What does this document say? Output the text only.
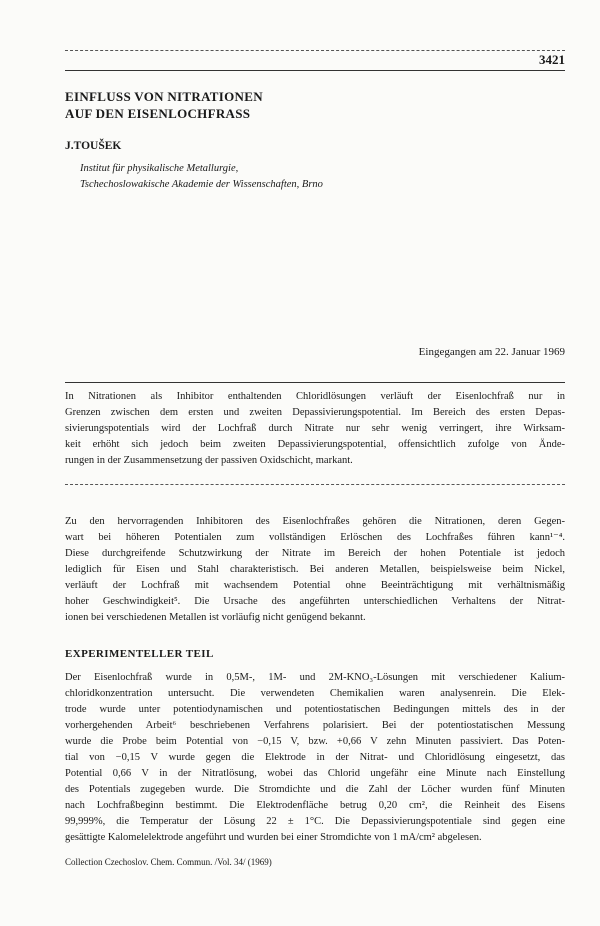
3421
EINFLUSS VON NITRATIONEN
AUF DEN EISENLOCHFRASS
J.TOUŠEK
Institut für physikalische Metallurgie,
Tschechoslowakische Akademie der Wissenschaften, Brno
Eingegangen am 22. Januar 1969
In Nitrationen als Inhibitor enthaltenden Chloridlösungen verläuft der Eisenlochfraß nur in
Grenzen zwischen dem ersten und zweiten Depassivierungspotential. Im Bereich des ersten Depas-
sivierungspotentials wird der Lochfraß durch Nitrate nur sehr wenig verringert, ihre Wirksam-
keit erhöht sich jedoch beim zweiten Depassivierungspotential, offensichtlich zufolge von Ände-
rungen in der Zusammensetzung der passiven Oxidschicht, markant.
Zu den hervorragenden Inhibitoren des Eisenlochfraßes gehören die Nitrationen, deren Gegen-
wart bei höheren Potentialen zum vollständigen Erlöschen des Lochfraßes führen kann¹⁻⁴.
Diese durchgreifende Schutzwirkung der Nitrate im Bereich der hohen Potentiale ist jedoch
lediglich für Eisen und Stahl charakteristisch. Bei anderen Metallen, beispielsweise beim Nickel,
verläuft der Lochfraß mit wachsendem Potential ohne Beeinträchtigung mit verhältnismäßig
hoher Geschwindigkeit⁵. Die Ursache des angeführten unterschiedlichen Verhaltens der Nitrat-
ionen bei verschiedenen Metallen ist vorläufig nicht genügend bekannt.
EXPERIMENTELLER TEIL
Der Eisenlochfraß wurde in 0,5M-, 1M- und 2M-KNO₃-Lösungen mit verschiedener Kalium-
chloridkonzentration untersucht. Die verwendeten Chemikalien waren analysenrein. Die Elek-
trode wurde unter potentiodynamischen und potentiostatischen Bedingungen mittels des in der
vorhergehenden Arbeit⁶ beschriebenen Verfahrens polarisiert. Bei der potentiostatischen Messung
wurde die Probe beim Potential von −0,15 V, bzw. +0,66 V zehn Minuten passiviert. Das Poten-
tial von −0,15 V wurde gegen die Elektrode in der Nitrat- und Chloridlösung eingesetzt, das
Potential 0,66 V in der Nitratlösung, wobei das Chlorid ungefähr eine Minute nach Einstellung
des Potentials zugegeben wurde. Die Stromdichte und die Zahl der Löcher wurden fünf Minuten
nach Lochfraßbeginn bestimmt. Die Elektrodenfläche betrug 0,20 cm², die Reinheit des Eisens
99,999%, die Temperatur der Lösung 22 ± 1°C. Die Depassivierungspotentiale sind gegen eine
gesättigte Kalomelelektrode angeführt und wurden bei einer Stromdichte von 1 mA/cm² abgelesen.
Collection Czechoslov. Chem. Commun. /Vol. 34/ (1969)
